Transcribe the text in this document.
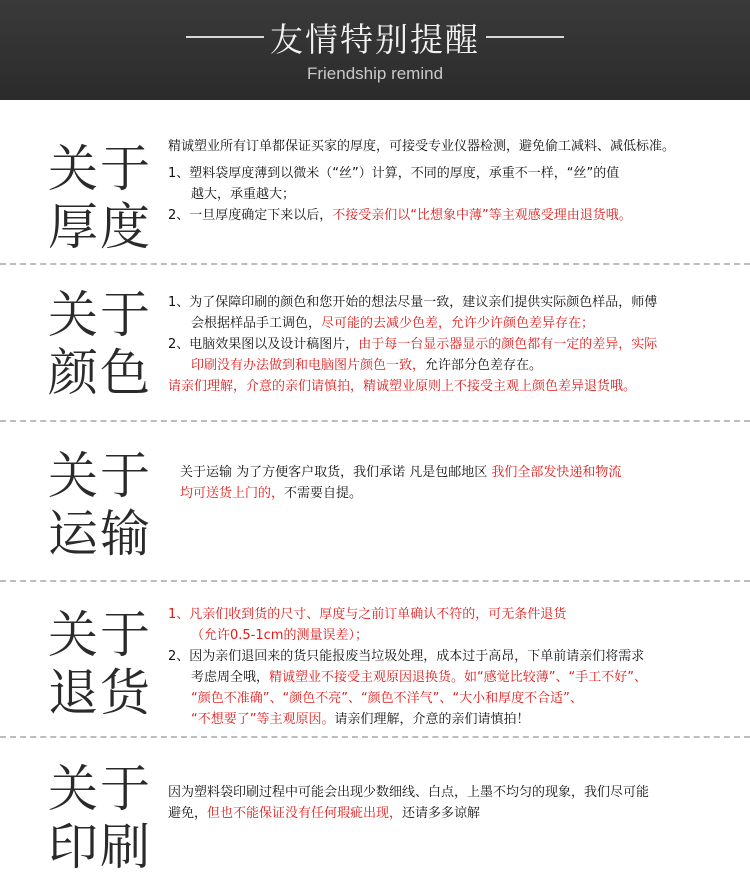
友情特别提醒
Friendship remind
关于
厚度
精诚塑业所有订单都保证买家的厚度，可接受专业仪器检测，避免偷工减料、减低标准。
1、塑料袋厚度薄到以微米（“丝”）计算，不同的厚度，承重不一样，“丝”的值
越大，承重越大；
2、一旦厚度确定下来以后，不接受亲们以“比想象中薄”等主观感受理由退货哦。
关于
颜色
1、为了保障印刷的颜色和您开始的想法尽量一致，建议亲们提供实际颜色样品，师傅
会根据样品手工调色，尽可能的去减少色差，允许少许颜色差异存在；
2、电脑效果图以及设计稿图片，由于每一台显示器显示的颜色都有一定的差异，实际
印刷没有办法做到和电脑图片颜色一致，允许部分色差存在。
请亲们理解，介意的亲们请慎拍，精诚塑业原则上不接受主观上颜色差异退货哦。
关于
运输
关于运输 为了方便客户取货，我们承诺 凡是包邮地区 我们全部发快递和物流
均可送货上门的，不需要自提。
关于
退货
1、凡亲们收到货的尺寸、厚度与之前订单确认不符的，可无条件退货
（允许0.5-1cm的测量误差）；
2、因为亲们退回来的货只能报废当垃圾处理，成本过于高昂，下单前请亲们将需求
考虑周全哦，精诚塑业不接受主观原因退换货。如“感觉比较薄”、“手工不好”、
“颜色不准确”、“颜色不亮”、“颜色不洋气”、“大小和厚度不合适”、
“不想要了”等主观原因。请亲们理解，介意的亲们请慎拍！
关于
印刷
因为塑料袋印刷过程中可能会出现少数细线、白点，上墨不均匀的现象，我们尽可能
避免，但也不能保证没有任何瑕疵出现，还请多多谅解
